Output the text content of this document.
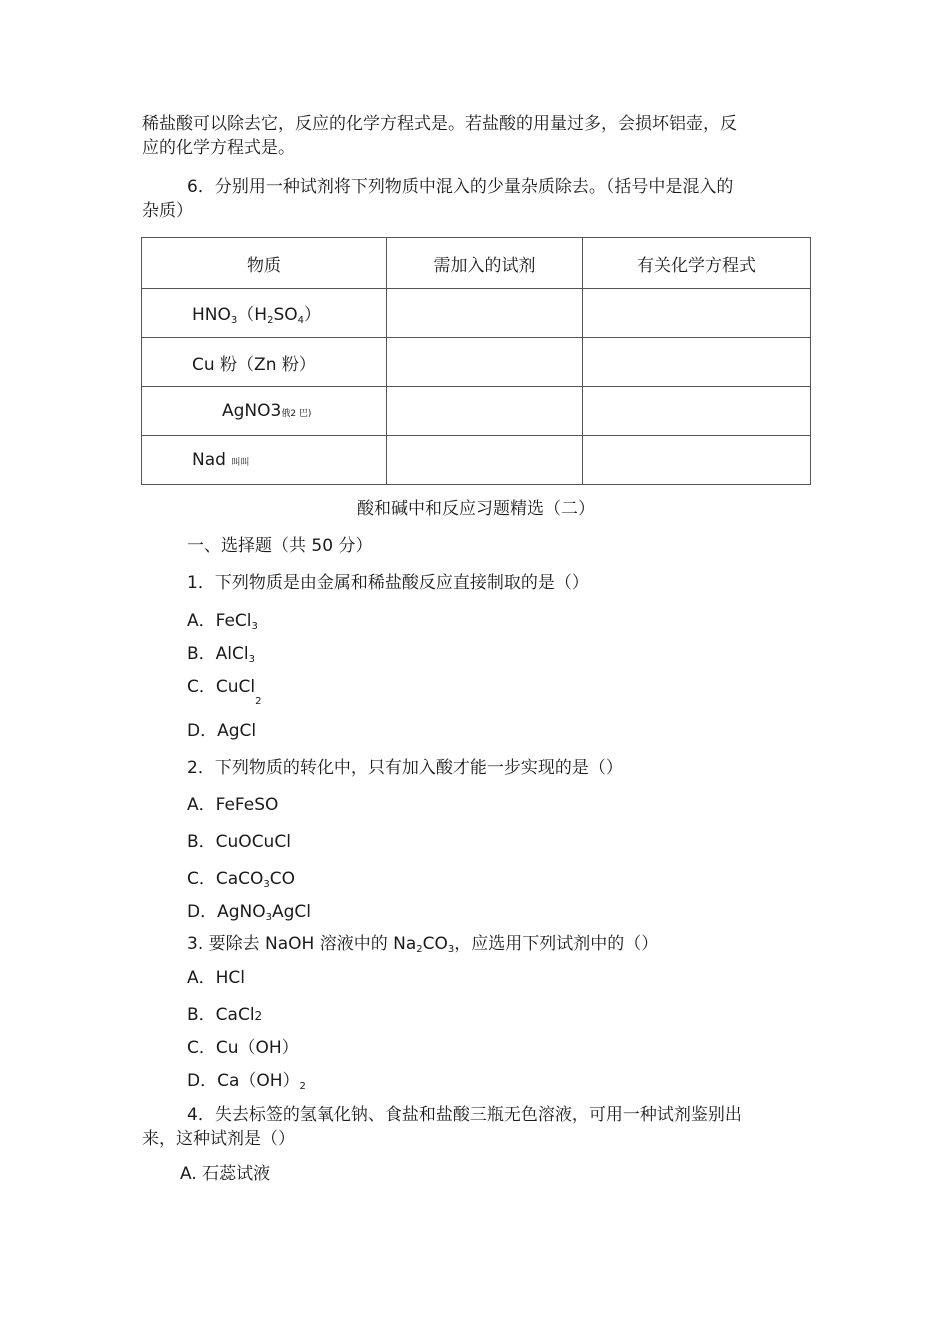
稀盐酸可以除去它，反应的化学方程式是。若盐酸的用量过多，会损坏铝壶，反
应的化学方程式是。
6．分别用一种试剂将下列物质中混入的少量杂质除去。（括号中是混入的
杂质）
物质	需加入的试剂	有关化学方程式
$HNO_3(H_2SO_4)$		
Cu 粉（Zn 粉）		
AgNO3俄2 巴)		
Nad 叫叫		
酸和碱中和反应习题精选（二）
一、选择题（共 50 分）
1．下列物质是由金属和稀盐酸反应直接制取的是（）
A．FeCl$_3$
B．AlCl$_3$
C．CuCl$_2$
D．AgCl
2．下列物质的转化中，只有加入酸才能一步实现的是（）
A．FeFeSO
B．CuOCuCl
C．CaCO$_3$CO
D．AgNO$_3$AgCl
3. 要除去 NaOH 溶液中的 $Na_2CO_3$，应选用下列试剂中的（）
A．HCl
B．CaCl2
C．Cu（OH）
D．$Ca(OH)_2$
4．失去标签的氢氧化钠、食盐和盐酸三瓶无色溶液，可用一种试剂鉴别出
来，这种试剂是（）
A. 石蕊试液
